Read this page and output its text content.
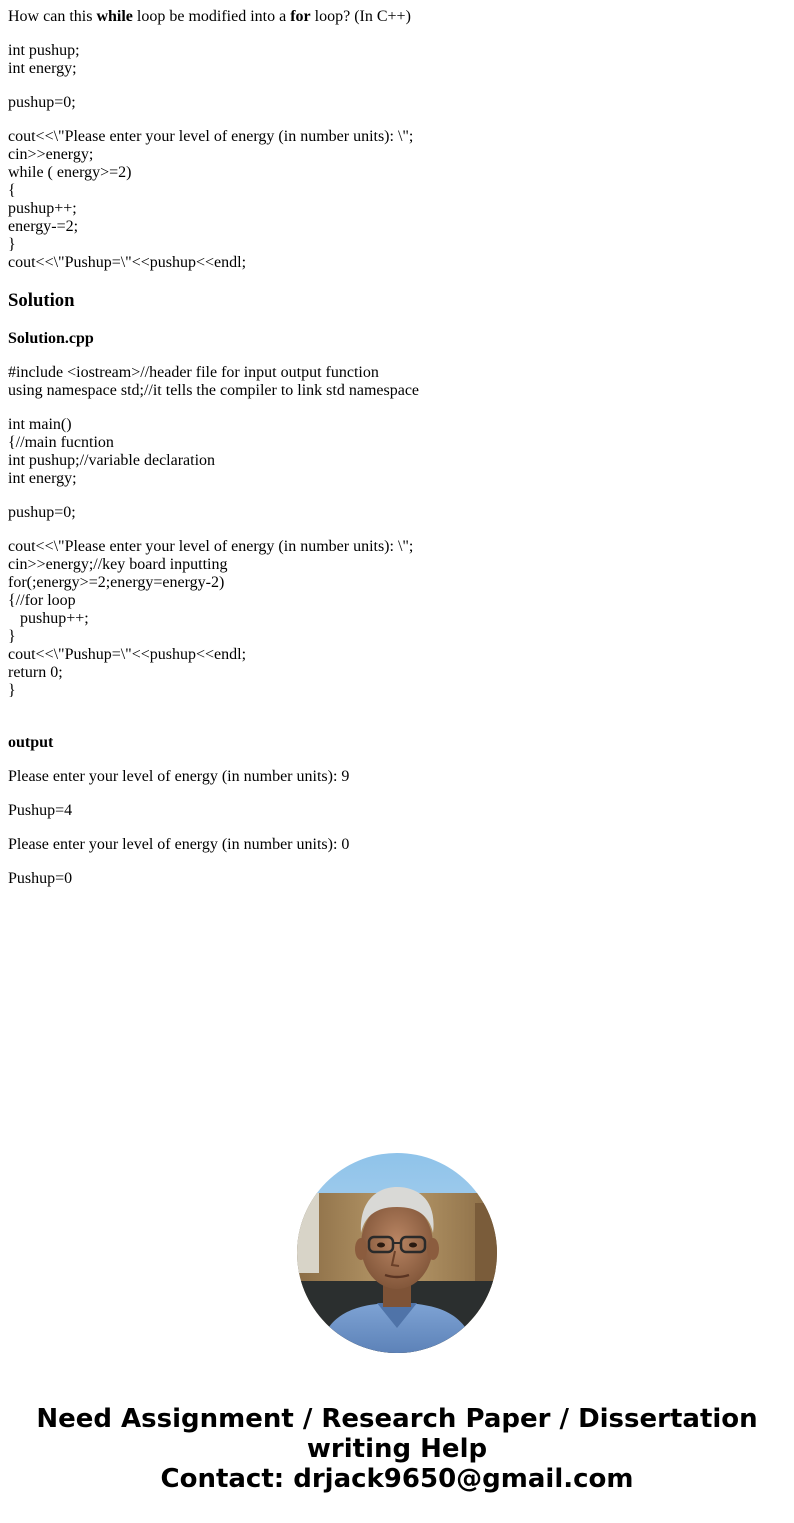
How can this while loop be modified into a for loop? (In C++)

int pushup;
int energy;

pushup=0;

cout<<\"Please enter your level of energy (in number units): \";
cin>>energy;
while ( energy>=2)
{
pushup++;
energy-=2;
}
cout<<\"Pushup=\"<<pushup<<endl;

Solution
Solution.cpp

#include <iostream>//header file for input output function
using namespace std;//it tells the compiler to link std namespace

int main()
{//main fucntion
int pushup;//variable declaration
int energy;

pushup=0;

cout<<\"Please enter your level of energy (in number units): \";
cin>>energy;//key board inputting
for(;energy>=2;energy=energy-2)
{//for loop
pushup++;
}
cout<<\"Pushup=\"<<pushup<<endl;
return 0;
}

output

Please enter your level of energy (in number units): 9

Pushup=4

Please enter your level of energy (in number units): 0

Pushup=0

Need Assignment / Research Paper / Dissertation
writing Help
Contact: drjack9650@gmail.com
